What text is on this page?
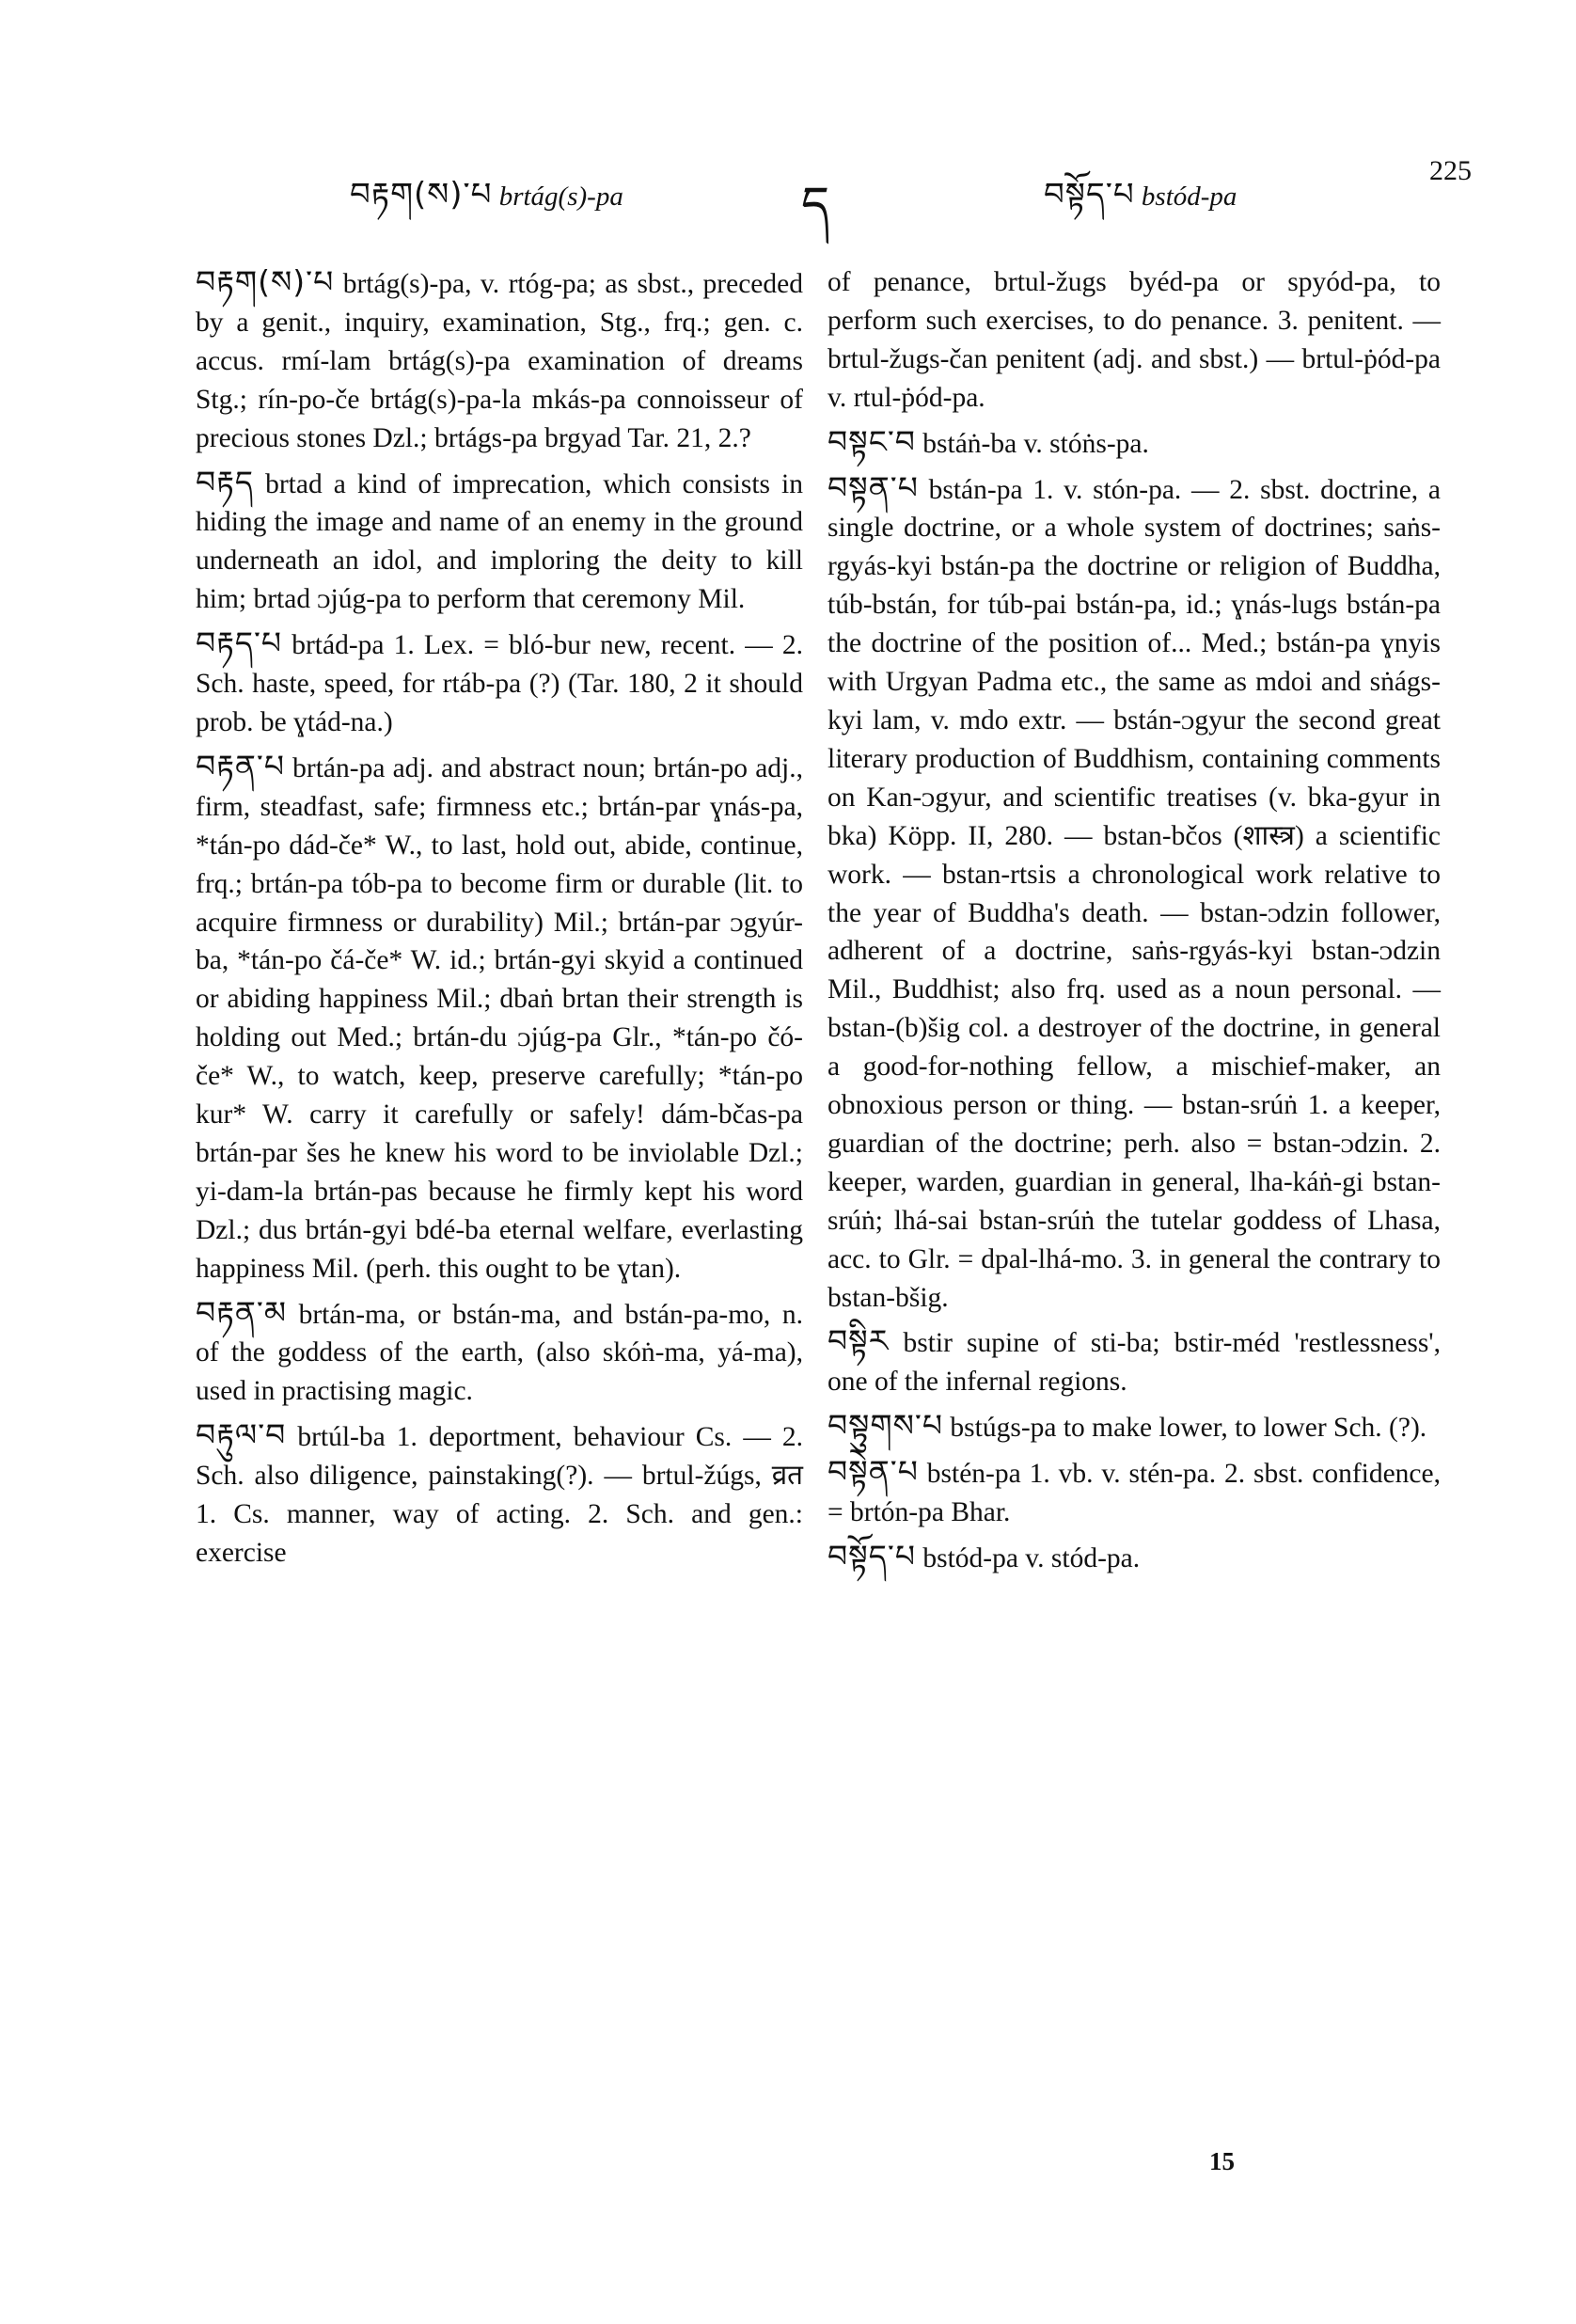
བརྟག(ས)་པ brtág(s)-pa	ད	བསྟོད་པ bstód-pa
225

བརྟག(ས)་པ brtág(s)-pa, v. rtóg-pa; as sbst., preceded by a genit., inquiry, examination, Stg., frq.; gen. c. accus. rmí-lam brtág(s)-pa examination of dreams Stg.; rín-po-če brtág(s)-pa-la mkás-pa connoisseur of precious stones Dzl.; brtágs-pa brgyad Tar. 21, 2.?

བརྟད brtad a kind of imprecation, which consists in hiding the image and name of an enemy in the ground underneath an idol, and imploring the deity to kill him; brtad ᴐjúg-pa to perform that ceremony Mil.

བརྟད་པ brtád-pa 1. Lex. = bló-bur new, recent. — 2. Sch. haste, speed, for rtáb-pa (?) (Tar. 180, 2 it should prob. be ɣtád-na.)

བརྟན་པ brtán-pa adj. and abstract noun; brtán-po adj., firm, steadfast, safe; firmness etc.; brtán-par ɣnás-pa, *tán-po dád-če* W., to last, hold out, abide, continue, frq.; brtán-pa tób-pa to become firm or durable (lit. to acquire firmness or durability) Mil.; brtán-par ᴐgyúr-ba, *tán-po čá-če* W. id.; brtán-gyi skyid a continued or abiding happiness Mil.; dbaṅ brtan their strength is holding out Med.; brtán-du ᴐjúg-pa Glr., *tán-po čó-če* W., to watch, keep, preserve carefully; *tán-po kur* W. carry it carefully or safely! dám-bčas-pa brtán-par šes he knew his word to be inviolable Dzl.; yi-dam-la brtán-pas because he firmly kept his word Dzl.; dus brtán-gyi bdé-ba eternal welfare, everlasting happiness Mil. (perh. this ought to be ɣtan).

བརྟན་མ brtán-ma, or bstán-ma, and bstán-pa-mo, n. of the goddess of the earth, (also skóṅ-ma, yá-ma), used in practising magic.

བརྟུལ་བ brtúl-ba 1. deportment, behaviour Cs. — 2. Sch. also diligence, painstaking(?). — brtul-žúgs, व्रत 1. Cs. manner, way of acting. 2. Sch. and gen.: exercise

of penance, brtul-žugs byéd-pa or spyód-pa, to perform such exercises, to do penance. 3. penitent. — brtul-žugs-čan penitent (adj. and sbst.) — brtul-ṗód-pa v. rtul-ṗód-pa.

བསྟང་བ bstáṅ-ba v. stóṅs-pa.

བསྟན་པ bstán-pa 1. v. stón-pa. — 2. sbst. doctrine, a single doctrine, or a whole system of doctrines; saṅs-rgyás-kyi bstán-pa the doctrine or religion of Buddha, túb-bstán, for túb-pai bstán-pa, id.; ɣnás-lugs bstán-pa the doctrine of the position of... Med.; bstán-pa ɣnyis with Urgyan Padma etc., the same as mdoi and sṅágs-kyi lam, v. mdo extr. — bstán-ᴐgyur the second great literary production of Buddhism, containing comments on Kan-ᴐgyur, and scientific treatises (v. bka-gyur in bka) Köpp. II, 280. — bstan-bčos (शास्त्र) a scientific work. — bstan-rtsis a chronological work relative to the year of Buddha's death. — bstan-ᴐdzin follower, adherent of a doctrine, saṅs-rgyás-kyi bstan-ᴐdzin Mil., Buddhist; also frq. used as a noun personal. — bstan-(b)šig col. a destroyer of the doctrine, in general a good-for-nothing fellow, a mischief-maker, an obnoxious person or thing. — bstan-srúṅ 1. a keeper, guardian of the doctrine; perh. also = bstan-ᴐdzin. 2. keeper, warden, guardian in general, lha-káṅ-gi bstan-srúṅ; lhá-sai bstan-srúṅ the tutelar goddess of Lhasa, acc. to Glr. = dpal-lhá-mo. 3. in general the contrary to bstan-bšig.

བསྟིར bstir supine of sti-ba; bstir-méd 'restlessness', one of the infernal regions.

བསྟུགས་པ bstúgs-pa to make lower, to lower Sch. (?).

བསྟེན་པ bstén-pa 1. vb. v. stén-pa. 2. sbst. confidence, = brtón-pa Bhar.

བསྟོད་པ bstód-pa v. stód-pa.

15
